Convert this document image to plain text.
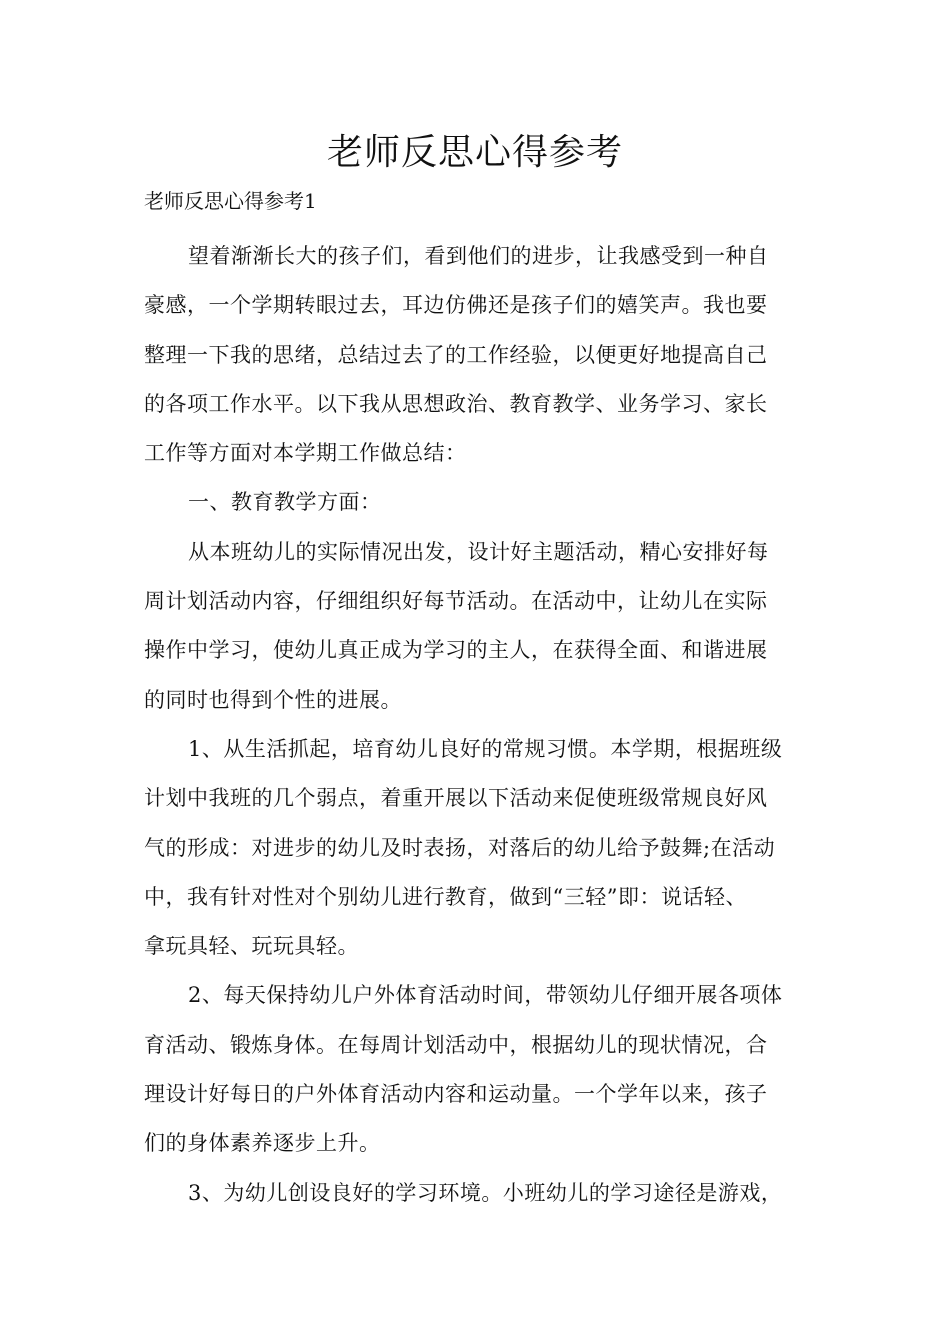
老师反思心得参考
老师反思心得参考1

望着渐渐长大的孩子们，看到他们的进步，让我感受到一种自
豪感，一个学期转眼过去，耳边仿佛还是孩子们的嬉笑声。我也要
整理一下我的思绪，总结过去了的工作经验，以便更好地提高自己
的各项工作水平。以下我从思想政治、教育教学、业务学习、家长
工作等方面对本学期工作做总结：

一、教育教学方面：

从本班幼儿的实际情况出发，设计好主题活动，精心安排好每
周计划活动内容，仔细组织好每节活动。在活动中，让幼儿在实际
操作中学习，使幼儿真正成为学习的主人，在获得全面、和谐进展
的同时也得到个性的进展。

1、从生活抓起，培育幼儿良好的常规习惯。本学期，根据班级
计划中我班的几个弱点，着重开展以下活动来促使班级常规良好风
气的形成：对进步的幼儿及时表扬，对落后的幼儿给予鼓舞;在活动
中，我有针对性对个别幼儿进行教育，做到“三轻”即：说话轻、
拿玩具轻、玩玩具轻。

2、每天保持幼儿户外体育活动时间，带领幼儿仔细开展各项体
育活动、锻炼身体。在每周计划活动中，根据幼儿的现状情况，合
理设计好每日的户外体育活动内容和运动量。一个学年以来，孩子
们的身体素养逐步上升。

3、为幼儿创设良好的学习环境。小班幼儿的学习途径是游戏，
